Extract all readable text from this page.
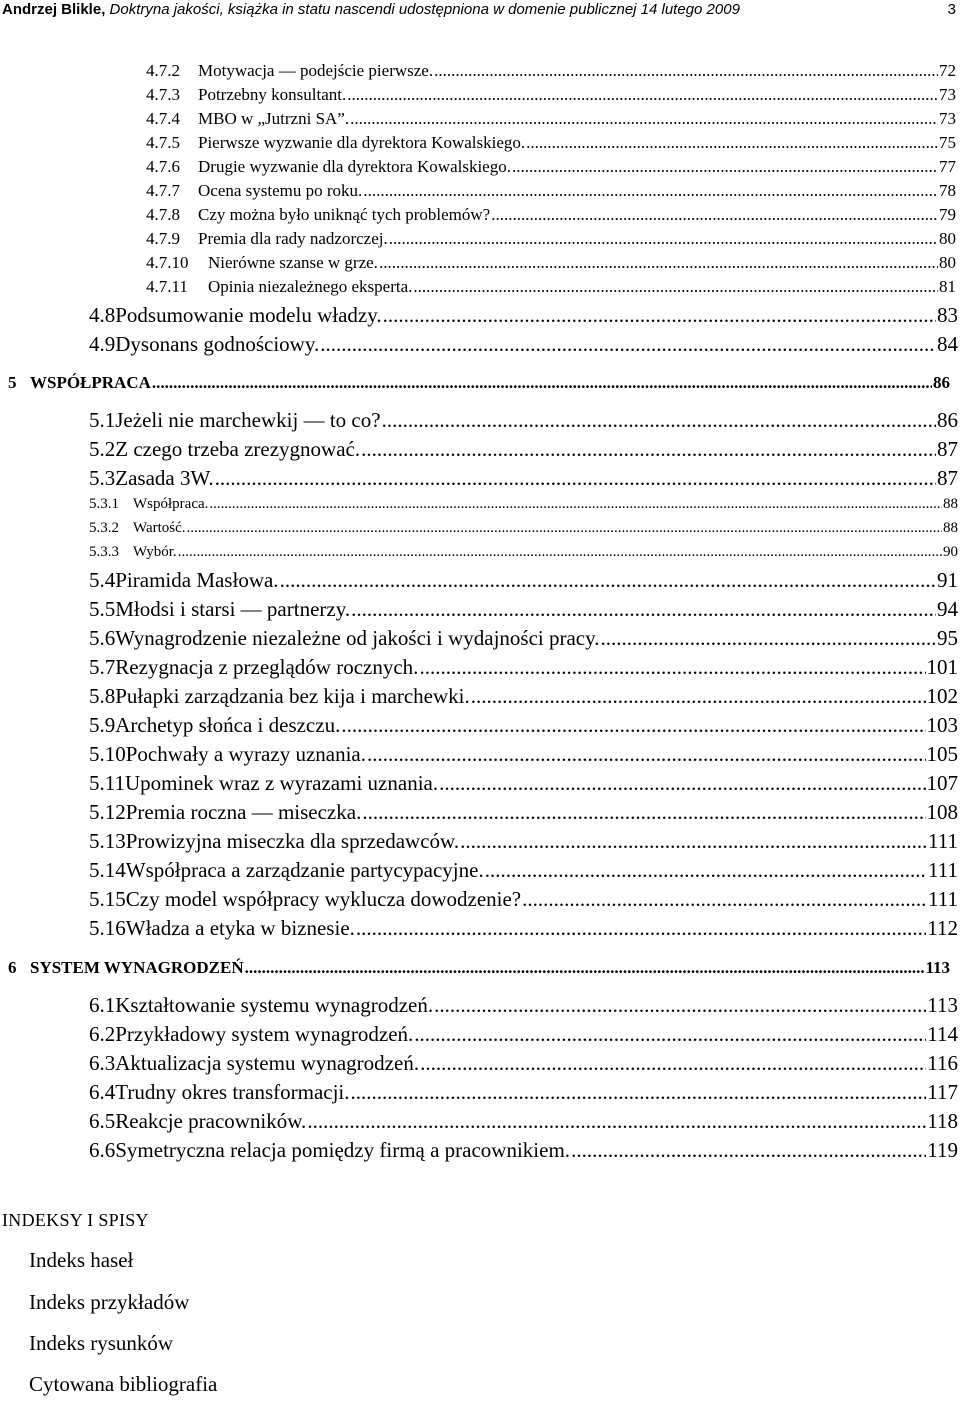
Andrzej Blikle, Doktryna jakości, książka in statu nascendi udostępniona w domenie publicznej 14 lutego 2009	3
4.7.2 Motywacja — podejście pierwsze. .....	72
4.7.3 Potrzebny konsultant. .....	73
4.7.4 MBO w „Jutrzni SA”. .....	73
4.7.5 Pierwsze wyzwanie dla dyrektora Kowalskiego. .....	75
4.7.6 Drugie wyzwanie dla dyrektora Kowalskiego. .....	77
4.7.7 Ocena systemu po roku. .....	78
4.7.8 Czy można było uniknąć tych problemów? .....	79
4.7.9 Premia dla rady nadzorczej. .....	80
4.7.10 Nierówne szanse w grze. .....	80
4.7.11 Opinia niezależnego eksperta. .....	81
4.8Podsumowanie modelu władzy. .....	83
4.9Dysonans godnościowy. .....	84
5 WSPÓŁPRACA .....	86
5.1Jeżeli nie marchewkij — to co? .....	86
5.2Z czego trzeba zrezygnować. .....	87
5.3Zasada 3W. .....	87
5.3.1 Współpraca. .....	88
5.3.2 Wartość. .....	88
5.3.3 Wybór. .....	90
5.4Piramida Masłowa. .....	91
5.5Młodsi i starsi — partnerzy. .....	94
5.6Wynagrodzenie niezależne od jakości i wydajności pracy. .....	95
5.7Rezygnacja z przeglądów rocznych. .....	101
5.8Pułapki zarządzania bez kija i marchewki. .....	102
5.9Archetyp słońca i deszczu. .....	103
5.10Pochwały a wyrazy uznania. .....	105
5.11Upominek wraz z wyrazami uznania. .....	107
5.12Premia roczna — miseczka. .....	108
5.13Prowizyjna miseczka dla sprzedawców. .....	111
5.14Współpraca a zarządzanie partycypacyjne. .....	111
5.15Czy model współpracy wyklucza dowodzenie? .....	111
5.16Władza a etyka w biznesie. .....	112
6 SYSTEM WYNAGRODZEŃ .....	113
6.1Kształtowanie systemu wynagrodzeń. .....	113
6.2Przykładowy system wynagrodzeń. .....	114
6.3Aktualizacja systemu wynagrodzeń. .....	116
6.4Trudny okres transformacji. .....	117
6.5Reakcje pracowników. .....	118
6.6Symetryczna relacja pomiędzy firmą a pracownikiem. .....	119
INDEKSY I SPISY
Indeks haseł
Indeks przykładów
Indeks rysunków
Cytowana bibliografia
